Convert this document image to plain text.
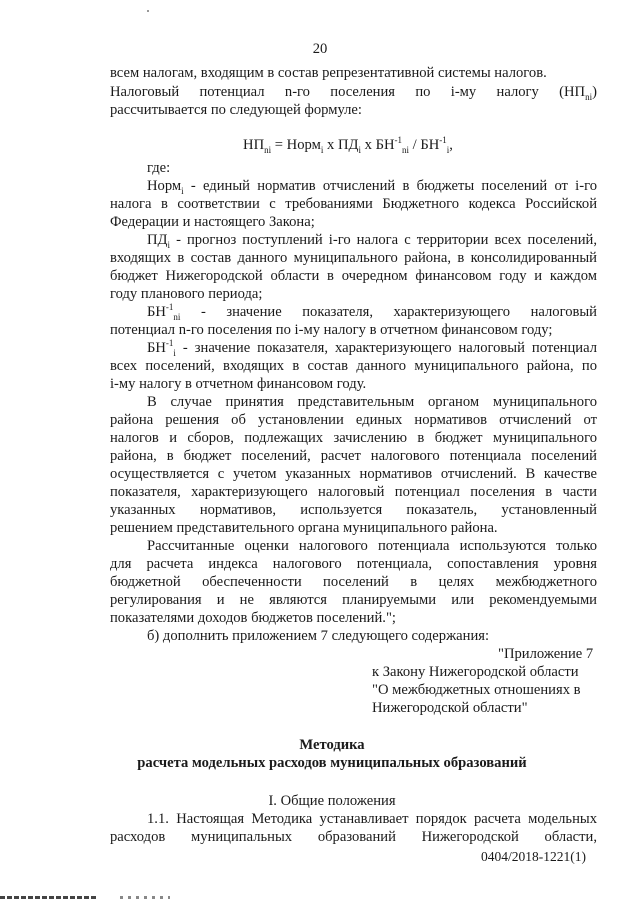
20
всем налогам, входящим в состав репрезентативной системы налогов.
Налоговый потенциал n-го поселения по i-му налогу $(НП_{ni})$
рассчитывается по следующей формуле:
$НП_{ni}$ = Норм$_i$ x $ПД_i$ x $БН^{-1}_{ni} / БН^{-1}_i$,
где:
Норм$_i$ - единый норматив отчислений в бюджеты поселений от i-го
налога в соответствии с требованиями Бюджетного кодекса Российской
Федерации и настоящего Закона;
$ПД_i$ - прогноз поступлений i-го налога с территории всех поселений,
входящих в состав данного муниципального района, в консолидированный
бюджет Нижегородской области в очередном финансовом году и каждом
году планового периода;
$БН^{-1}_{ni}$ - значение показателя, характеризующего налоговый
потенциал n-го поселения по i-му налогу в отчетном финансовом году;
$БН^{-1}_i$ - значение показателя, характеризующего налоговый потенциал
всех поселений, входящих в состав данного муниципального района, по
i-му налогу в отчетном финансовом году.
В случае принятия представительным органом муниципального
района решения об установлении единых нормативов отчислений от
налогов и сборов, подлежащих зачислению в бюджет муниципального
района, в бюджет поселений, расчет налогового потенциала поселений
осуществляется с учетом указанных нормативов отчислений. В качестве
показателя, характеризующего налоговый потенциал поселения в части
указанных нормативов, используется показатель, установленный
решением представительного органа муниципального района.
Рассчитанные оценки налогового потенциала используются только
для расчета индекса налогового потенциала, сопоставления уровня
бюджетной обеспеченности поселений в целях межбюджетного
регулирования и не являются планируемыми или рекомендуемыми
показателями доходов бюджетов поселений.";
б) дополнить приложением 7 следующего содержания:
"Приложение 7
к Закону Нижегородской области
"О межбюджетных отношениях в
Нижегородской области"
Методика
расчета модельных расходов муниципальных образований
I. Общие положения
1.1. Настоящая Методика устанавливает порядок расчета модельных
расходов муниципальных образований Нижегородской области,
0404/2018-1221(1)
